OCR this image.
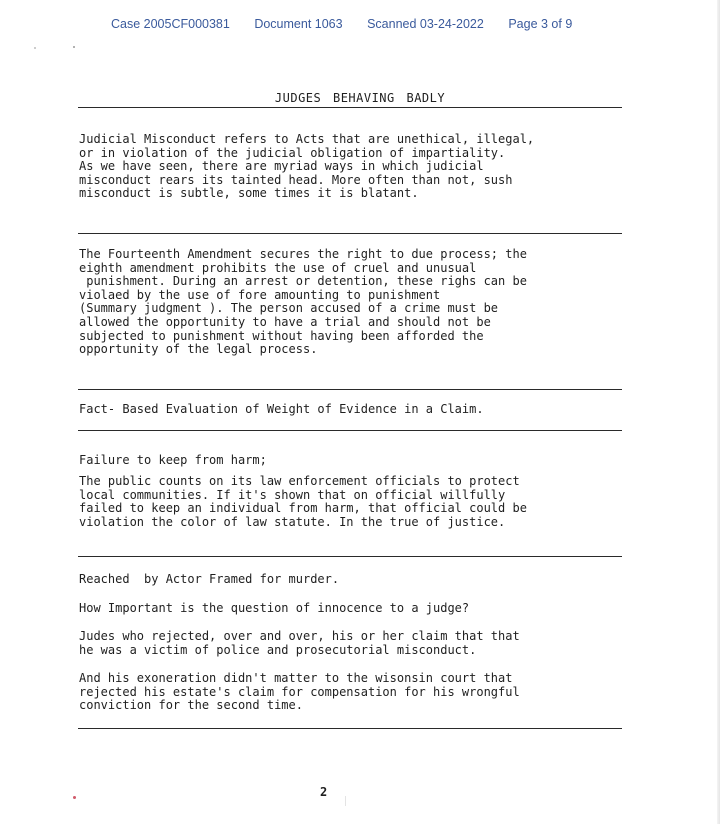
Case 2005CF000381 Document 1063 Scanned 03-24-2022 Page 3 of 9
JUDGES BEHAVING BADLY
Judicial Misconduct refers to Acts that are unethical, illegal,
or in violation of the judicial obligation of impartiality.
As we have seen, there are myriad ways in which judicial
misconduct rears its tainted head. More often than not, sush
misconduct is subtle, some times it is blatant.
The Fourteenth Amendment secures the right to due process; the
eighth amendment prohibits the use of cruel and unusual
punishment. During an arrest or detention, these righs can be
violaed by the use of fore amounting to punishment
(Summary judgment ). The person accused of a crime must be
allowed the opportunity to have a trial and should not be
subjected to punishment without having been afforded the
opportunity of the legal process.
Fact- Based Evaluation of Weight of Evidence in a Claim.
Failure to keep from harm;
The public counts on its law enforcement officials to protect
local communities. If it's shown that on official willfully
failed to keep an individual from harm, that official could be
violation the color of law statute. In the true of justice.
Reached  by Actor Framed for murder.
How Important is the question of innocence to a judge?
Judes who rejected, over and over, his or her claim that that
he was a victim of police and prosecutorial misconduct.
And his exoneration didn't matter to the wisonsin court that
rejected his estate's claim for compensation for his wrongful
conviction for the second time.
2
